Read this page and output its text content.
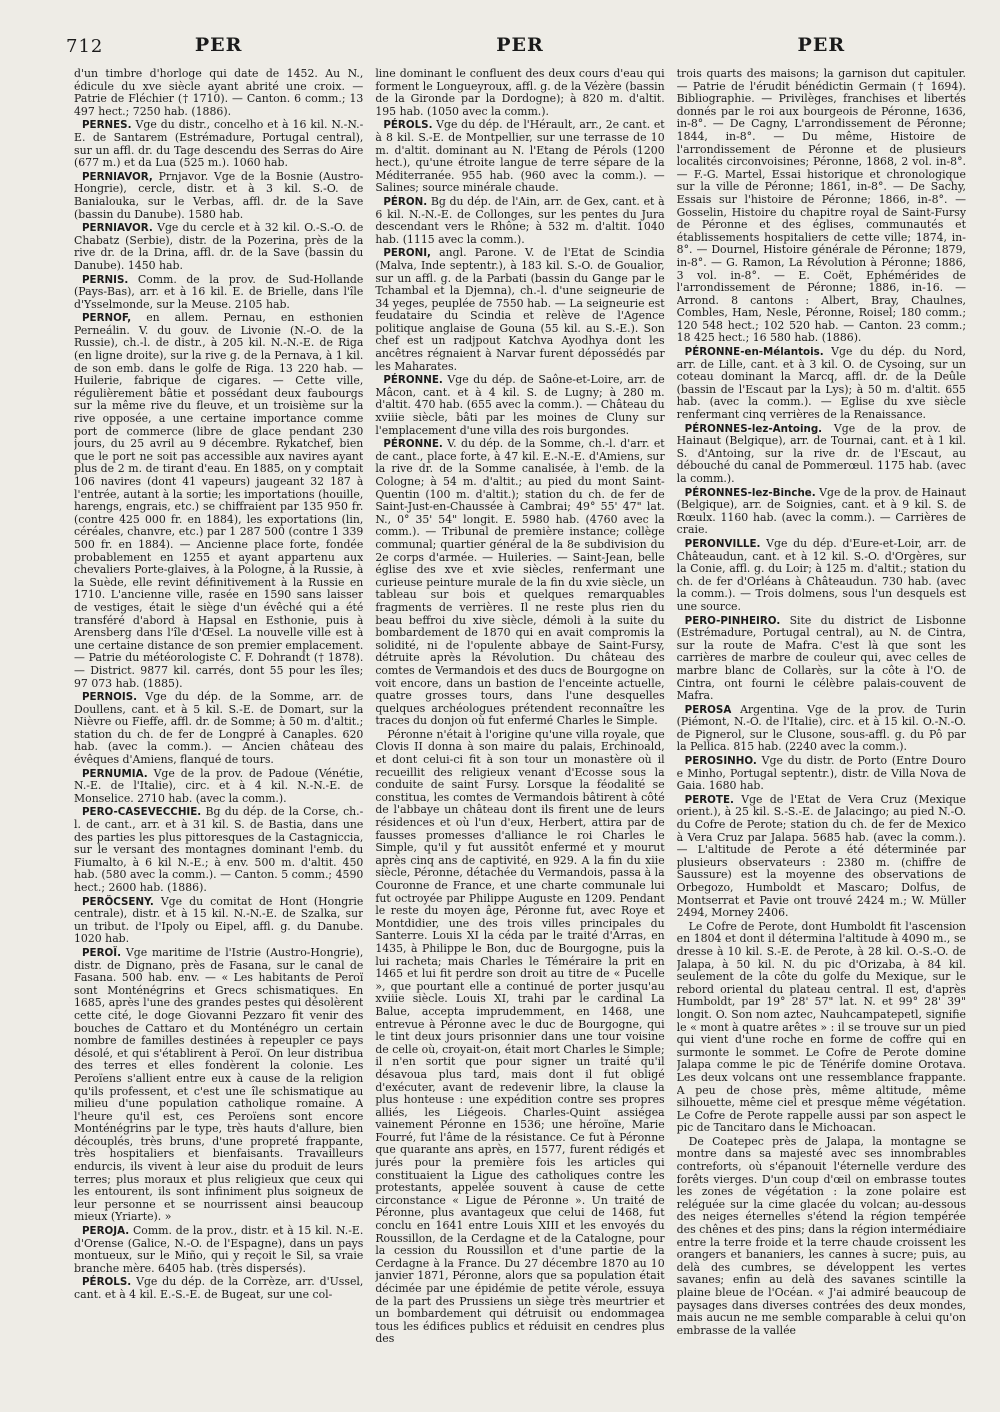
712	PER	PER	PER

d'un timbre d'horloge qui date de 1452. Au N., édicule du xve siècle ayant abrité une croix. — Patrie de Fléchier († 1710). — Canton. 6 comm.; 13 497 hect.; 7250 hab. (1886).

PERNES. Vge du distr., concelho et à 16 kil. N.-N.-E. de Santarem (Estrémadure, Portugal central), sur un affl. dr. du Tage descendu des Serras do Aire (677 m.) et da Lua (525 m.). 1060 hab.

PERNIAVOR, Prnjavor. Vge de la Bosnie (Austro-Hongrie), cercle, distr. et à 3 kil. S.-O. de Banialouka, sur le Verbas, affl. dr. de la Save (bassin du Danube). 1580 hab.

PERNIAVOR. Vge du cercle et à 32 kil. O.-S.-O. de Chabatz (Serbie), distr. de la Pozerina, près de la rive dr. de la Drina, affl. dr. de la Save (bassin du Danube). 1450 hab.

PERNIS. Comm. de la prov. de Sud-Hollande (Pays-Bas), arr. et à 16 kil. E. de Brielle, dans l'île d'Ysselmonde, sur la Meuse. 2105 hab.

PERNOF, en allem. Pernau, en esthonien Perneálin. V. du gouv. de Livonie (N.-O. de la Russie), ch.-l. de distr., à 205 kil. N.-N.-E. de Riga (en ligne droite), sur la rive g. de la Pernava, à 1 kil. de son emb. dans le golfe de Riga. 13 220 hab. — Huilerie, fabrique de cigares. — Cette ville, régulièrement bâtie et possédant deux faubourgs sur la même rive du fleuve, et un troisième sur la rive opposée, a une certaine importance comme port de commerce (libre de glace pendant 230 jours, du 25 avril au 9 décembre. Rykatchef, bien que le port ne soit pas accessible aux navires ayant plus de 2 m. de tirant d'eau. En 1885, on y comptait 106 navires (dont 41 vapeurs) jaugeant 32 187 à l'entrée, autant à la sortie; les importations (houille, harengs, engrais, etc.) se chiffraient par 135 950 fr. (contre 425 000 fr. en 1884), les exportations (lin, céréales, chanvre, etc.) par 1 287 500 (contre 1 339 500 fr. en 1884). — Ancienne place forte, fondée probablement en 1255 et ayant appartenu aux chevaliers Porte-glaives, à la Pologne, à la Russie, à la Suède, elle revint définitivement à la Russie en 1710. L'ancienne ville, rasée en 1590 sans laisser de vestiges, était le siège d'un évêché qui a été transféré d'abord à Hapsal en Esthonie, puis à Arensberg dans l'île d'Œsel. La nouvelle ville est à une certaine distance de son premier emplacement. — Patrie du météorologiste C. F. Dohrandt († 1878). — District. 9877 kil. carrés, dont 55 pour les îles; 97 073 hab. (1885).

PERNOIS. Vge du dép. de la Somme, arr. de Doullens, cant. et à 5 kil. S.-E. de Domart, sur la Nièvre ou Fieffe, affl. dr. de Somme; à 50 m. d'altit.; station du ch. de fer de Longpré à Canaples. 620 hab. (avec la comm.). — Ancien château des évêques d'Amiens, flanqué de tours.

PERNUMIA. Vge de la prov. de Padoue (Vénétie, N.-E. de l'Italie), circ. et à 4 kil. N.-N.-E. de Monselice. 2710 hab. (avec la comm.).

PERO-CASEVECCHIE. Bg du dép. de la Corse, ch.-l. de cant., arr. et à 31 kil. S. de Bastia, dans une des parties les plus pittoresques de la Castagniccia, sur le versant des montagnes dominant l'emb. du Fiumalto, à 6 kil N.-E.; à env. 500 m. d'altit. 450 hab. (580 avec la comm.). — Canton. 5 comm.; 4590 hect.; 2600 hab. (1886).

PERÖCSENY. Vge du comitat de Hont (Hongrie centrale), distr. et à 15 kil. N.-N.-E. de Szalka, sur un tribut. de l'Ipoly ou Eipel, affl. g. du Danube. 1020 hab.

PEROÏ. Vge maritime de l'Istrie (Austro-Hongrie), distr. de Dignano, près de Fasana, sur le canal de Fasana. 500 hab. env. — « Les habitants de Peroï sont Monténégrins et Grecs schismatiques. En 1685, après l'une des grandes pestes qui désolèrent cette cité, le doge Giovanni Pezzaro fit venir des bouches de Cattaro et du Monténégro un certain nombre de familles destinées à repeupler ce pays désolé, et qui s'établirent à Peroï. On leur distribua des terres et elles fondèrent la colonie. Les Peroïens s'allient entre eux à cause de la religion qu'ils professent, et c'est une île schismatique au milieu d'une population catholique romaine. A l'heure qu'il est, ces Peroïens sont encore Monténégrins par le type, très hauts d'allure, bien découplés, très bruns, d'une propreté frappante, très hospitaliers et bienfaisants. Travailleurs endurcis, ils vivent à leur aise du produit de leurs terres; plus moraux et plus religieux que ceux qui les entourent, ils sont infiniment plus soigneux de leur personne et se nourrissent ainsi beaucoup mieux (Yriarte). »

PEROJA. Comm. de la prov., distr. et à 15 kil. N.-E. d'Orense (Galice, N.-O. de l'Espagne), dans un pays montueux, sur le Miño, qui y reçoit le Sil, sa vraie branche mère. 6405 hab. (très dispersés).

PÉROLS. Vge du dép. de la Corrèze, arr. d'Ussel, cant. et à 4 kil. E.-S.-E. de Bugeat, sur une col-

line dominant le confluent des deux cours d'eau qui forment le Longueyroux, affl. g. de la Vézère (bassin de la Gironde par la Dordogne); à 820 m. d'altit. 195 hab. (1050 avec la comm.).

PÉROLS. Vge du dép. de l'Hérault, arr., 2e cant. et à 8 kil. S.-E. de Montpellier, sur une terrasse de 10 m. d'altit. dominant au N. l'Etang de Pérols (1200 hect.), qu'une étroite langue de terre sépare de la Méditerranée. 955 hab. (960 avec la comm.). — Salines; source minérale chaude.

PÉRON. Bg du dép. de l'Ain, arr. de Gex, cant. et à 6 kil. N.-N.-E. de Collonges, sur les pentes du Jura descendant vers le Rhône; à 532 m. d'altit. 1040 hab. (1115 avec la comm.).

PERONI, angl. Parone. V. de l'Etat de Scindia (Malva, Inde septentr.), à 183 kil. S.-O. de Goualior, sur un affl. g. de la Parbati (bassin du Gange par le Tchambal et la Djemna), ch.-l. d'une seigneurie de 34 yeges, peuplée de 7550 hab. — La seigneurie est feudataire du Scindia et relève de l'Agence politique anglaise de Gouna (55 kil. au S.-E.). Son chef est un radjpout Katchva Ayodhya dont les ancêtres régnaient à Narvar furent dépossédés par les Maharates.

PÉRONNE. Vge du dép. de Saône-et-Loire, arr. de Mâcon, cant. et à 4 kil. S. de Lugny; à 280 m. d'altit. 470 hab. (655 avec la comm.). — Château du xviiie siècle, bâti par les moines de Cluny sur l'emplacement d'une villa des rois burgondes.

PÉRONNE. V. du dép. de la Somme, ch.-l. d'arr. et de cant., place forte, à 47 kil. E.-N.-E. d'Amiens, sur la rive dr. de la Somme canalisée, à l'emb. de la Cologne; à 54 m. d'altit.; au pied du mont Saint-Quentin (100 m. d'altit.); station du ch. de fer de Saint-Just-en-Chaussée à Cambrai; 49° 55' 47" lat. N., 0° 35' 54" longit. E. 5980 hab. (4760 avec la comm.). — Tribunal de première instance; collège communal; quartier général de la 8e subdivision du 2e corps d'armée. — Huileries. — Saint-Jean, belle église des xve et xvie siècles, renfermant une curieuse peinture murale de la fin du xvie siècle, un tableau sur bois et quelques remarquables fragments de verrières. Il ne reste plus rien du beau beffroi du xive siècle, démoli à la suite du bombardement de 1870 qui en avait compromis la solidité, ni de l'opulente abbaye de Saint-Fursy, détruite après la Révolution. Du château des comtes de Vermandois et des ducs de Bourgogne on voit encore, dans un bastion de l'enceinte actuelle, quatre grosses tours, dans l'une desquelles quelques archéologues prétendent reconnaître les traces du donjon où fut enfermé Charles le Simple.

Péronne n'était à l'origine qu'une villa royale, que Clovis II donna à son maire du palais, Erchinoald, et dont celui-ci fit à son tour un monastère où il recueillit des religieux venant d'Ecosse sous la conduite de saint Fursy. Lorsque la féodalité se constitua, les comtes de Vermandois bâtirent à côté de l'abbaye un château dont ils firent une de leurs résidences et où l'un d'eux, Herbert, attira par de fausses promesses d'alliance le roi Charles le Simple, qu'il y fut aussitôt enfermé et y mourut après cinq ans de captivité, en 929. A la fin du xiie siècle, Péronne, détachée du Vermandois, passa à la Couronne de France, et une charte communale lui fut octroyée par Philippe Auguste en 1209. Pendant le reste du moyen âge, Péronne fut, avec Roye et Montdidier, une des trois villes principales du Santerre. Louis XI la céda par le traité d'Arras, en 1435, à Philippe le Bon, duc de Bourgogne, puis la lui racheta; mais Charles le Téméraire la prit en 1465 et lui fit perdre son droit au titre de « Pucelle », que pourtant elle a continué de porter jusqu'au xviiie siècle. Louis XI, trahi par le cardinal La Balue, accepta imprudemment, en 1468, une entrevue à Péronne avec le duc de Bourgogne, qui le tint deux jours prisonnier dans une tour voisine de celle où, croyait-on, était mort Charles le Simple; il n'en sortit que pour signer un traité qu'il désavoua plus tard, mais dont il fut obligé d'exécuter, avant de redevenir libre, la clause la plus honteuse : une expédition contre ses propres alliés, les Liégeois. Charles-Quint assiégea vainement Péronne en 1536; une héroïne, Marie Fourré, fut l'âme de la résistance. Ce fut à Péronne que quarante ans après, en 1577, furent rédigés et jurés pour la première fois les articles qui constituaient la Ligue des catholiques contre les protestants, appelée souvent à cause de cette circonstance « Ligue de Péronne ». Un traité de Péronne, plus avantageux que celui de 1468, fut conclu en 1641 entre Louis XIII et les envoyés du Roussillon, de la Cerdagne et de la Catalogne, pour la cession du Roussillon et d'une partie de la Cerdagne à la France. Du 27 décembre 1870 au 10 janvier 1871, Péronne, alors que sa population était décimée par une épidémie de petite vérole, essuya de la part des Prussiens un siège très meurtrier et un bombardement qui détruisit ou endommagea tous les édifices publics et réduisit en cendres plus des

trois quarts des maisons; la garnison dut capituler. — Patrie de l'érudit bénédictin Germain († 1694). Bibliographie. — Privilèges, franchises et libertés donnés par le roi aux bourgeois de Péronne, 1636, in-8°. — De Cagny, L'arrondissement de Péronne; 1844, in-8°. — Du même, Histoire de l'arrondissement de Péronne et de plusieurs localités circonvoisines; Péronne, 1868, 2 vol. in-8°. — F.-G. Martel, Essai historique et chronologique sur la ville de Péronne; 1861, in-8°. — De Sachy, Essais sur l'histoire de Péronne; 1866, in-8°. — Gosselin, Histoire du chapitre royal de Saint-Fursy de Péronne et des églises, communautés et établissements hospitaliers de cette ville; 1874, in-8°. — Dournel, Histoire générale de Péronne; 1879, in-8°. — G. Ramon, La Révolution à Péronne; 1886, 3 vol. in-8°. — E. Coët, Ephémérides de l'arrondissement de Péronne; 1886, in-16. — Arrond. 8 cantons : Albert, Bray, Chaulnes, Combles, Ham, Nesle, Péronne, Roisel; 180 comm.; 120 548 hect.; 102 520 hab. — Canton. 23 comm.; 18 425 hect.; 16 580 hab. (1886).

PÉRONNE-en-Mélantois. Vge du dép. du Nord, arr. de Lille, cant. et à 3 kil. O. de Cysoing, sur un coteau dominant la Marcq, affl. dr. de la Deûle (bassin de l'Escaut par la Lys); à 50 m. d'altit. 655 hab. (avec la comm.). — Eglise du xve siècle renfermant cinq verrières de la Renaissance.

PÉRONNES-lez-Antoing. Vge de la prov. de Hainaut (Belgique), arr. de Tournai, cant. et à 1 kil. S. d'Antoing, sur la rive dr. de l'Escaut, au débouché du canal de Pommerœul. 1175 hab. (avec la comm.).

PÉRONNES-lez-Binche. Vge de la prov. de Hainaut (Belgique), arr. de Soignies, cant. et à 9 kil. S. de Rœulx. 1160 hab. (avec la comm.). — Carrières de craie.

PERONVILLE. Vge du dép. d'Eure-et-Loir, arr. de Châteaudun, cant. et à 12 kil. S.-O. d'Orgères, sur la Conie, affl. g. du Loir; à 125 m. d'altit.; station du ch. de fer d'Orléans à Châteaudun. 730 hab. (avec la comm.). — Trois dolmens, sous l'un desquels est une source.

PERO-PINHEIRO. Site du district de Lisbonne (Estrémadure, Portugal central), au N. de Cintra, sur la route de Mafra. C'est là que sont les carrières de marbre de couleur qui, avec celles de marbre blanc de Collarès, sur la côte à l'O. de Cintra, ont fourni le célèbre palais-couvent de Mafra.

PEROSA Argentina. Vge de la prov. de Turin (Piémont, N.-O. de l'Italie), circ. et à 15 kil. O.-N.-O. de Pignerol, sur le Clusone, sous-affl. g. du Pô par la Pellica. 815 hab. (2240 avec la comm.).

PEROSINHO. Vge du distr. de Porto (Entre Douro e Minho, Portugal septentr.), distr. de Villa Nova de Gaia. 1680 hab.

PEROTE. Vge de l'Etat de Vera Cruz (Mexique orient.), à 25 kil. S.-S.-E. de Jalacingo; au pied N.-O. du Cofre de Perote; station du ch. de fer de Mexico à Vera Cruz par Jalapa. 5685 hab. (avec la comm.). — L'altitude de Perote a été déterminée par plusieurs observateurs : 2380 m. (chiffre de Saussure) est la moyenne des observations de Orbegozo, Humboldt et Mascaro; Dolfus, de Montserrat et Pavie ont trouvé 2424 m.; W. Müller 2494, Morney 2406.

Le Cofre de Perote, dont Humboldt fit l'ascension en 1804 et dont il détermina l'altitude à 4090 m., se dresse à 10 kil. S.-E. de Perote, à 28 kil. O.-S.-O. de Jalapa, à 50 kil. N. du pic d'Orizaba, à 84 kil. seulement de la côte du golfe du Mexique, sur le rebord oriental du plateau central. Il est, d'après Humboldt, par 19° 28' 57" lat. N. et 99° 28' 39" longit. O. Son nom aztec, Nauhcampatepetl, signifie le « mont à quatre arêtes » : il se trouve sur un pied qui vient d'une roche en forme de coffre qui en surmonte le sommet. Le Cofre de Perote domine Jalapa comme le pic de Ténérife domine Orotava. Les deux volcans ont une ressemblance frappante. A peu de chose près, même altitude, même silhouette, même ciel et presque même végétation. Le Cofre de Perote rappelle aussi par son aspect le pic de Tancitaro dans le Michoacan.

De Coatepec près de Jalapa, la montagne se montre dans sa majesté avec ses innombrables contreforts, où s'épanouit l'éternelle verdure des forêts vierges. D'un coup d'œil on embrasse toutes les zones de végétation : la zone polaire est reléguée sur la cime glacée du volcan; au-dessous des neiges éternelles s'étend la région tempérée des chênes et des pins; dans la région intermédiaire entre la terre froide et la terre chaude croissent les orangers et bananiers, les cannes à sucre; puis, au delà des cumbres, se développent les vertes savanes; enfin au delà des savanes scintille la plaine bleue de l'Océan. « J'ai admiré beaucoup de paysages dans diverses contrées des deux mondes, mais aucun ne me semble comparable à celui qu'on embrasse de la vallée
